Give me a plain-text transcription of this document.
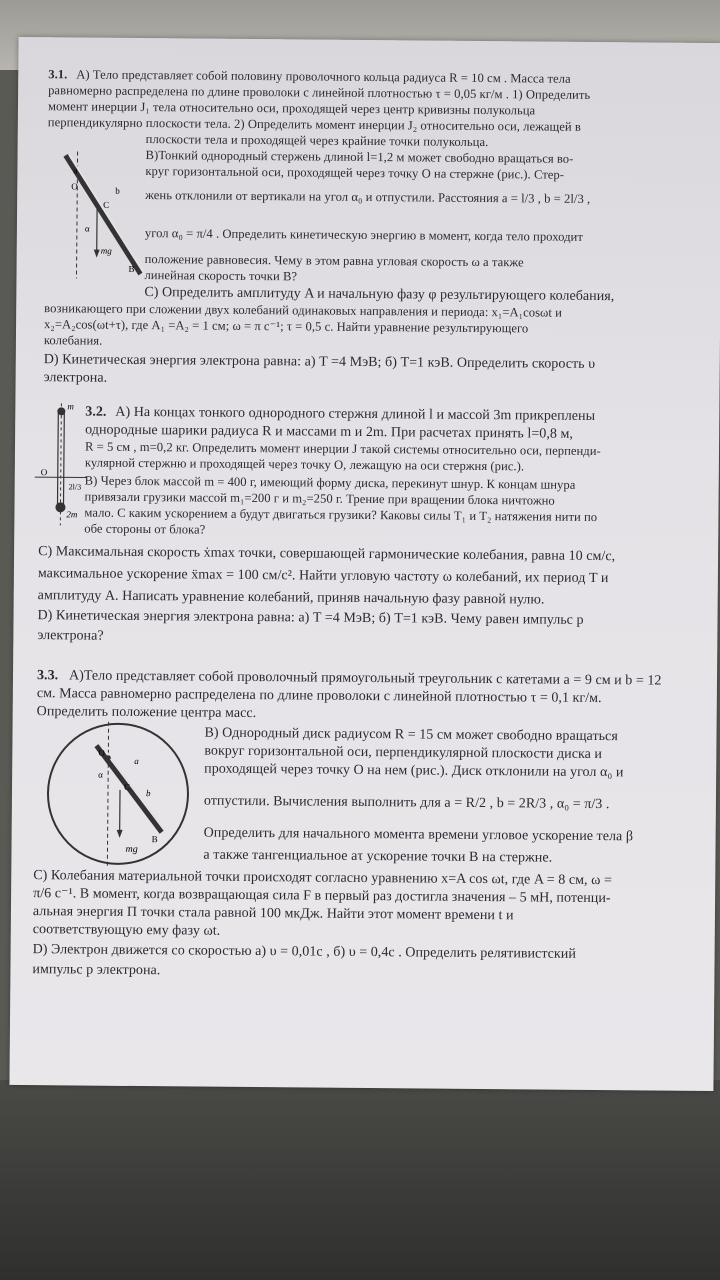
3.1. А) Тело представляет собой половину проволочного кольца радиуса R = 10 см . Масса тела
равномерно распределена по длине проволоки с линейной плотностью τ = 0,05 кг/м . 1) Определить
момент инерции J₁ тела относительно оси, проходящей через центр кривизны полукольца
перпендикулярно плоскости тела. 2) Определить момент инерции J₂ относительно оси, лежащей в
плоскости тела и проходящей через крайние точки полукольца.
B)Тонкий однородный стержень длиной l=1,2 м может свободно вращаться во-
круг горизонтальной оси, проходящей через точку O на стержне (рис.). Стер-
жень отклонили от вертикали на угол α₀ и отпустили. Расстояния a = l/3 , b = 2l/3 ,
угол α₀ = π/4 . Определить кинетическую энергию в момент, когда тело проходит
положение равновесия. Чему в этом равна угловая скорость ω а также
линейная скорость точки B?
С) Определить амплитуду A и начальную фазу φ результирующего колебания,
возникающего при сложении двух колебаний одинаковых направления и периода: x₁=A₁cosωt и
x₂=A₂cos(ωt+τ), где A₁ =A₂ = 1 см; ω = π с⁻¹; τ = 0,5 с. Найти уравнение результирующего
колебания.
D) Кинетическая энергия электрона равна: а) T =4 МэВ; б) T=1 кэВ. Определить скорость υ
электрона.
a
b
O
C
B
mg
α
3.2. А) На концах тонкого однородного стержня длиной l и массой 3m прикреплены
однородные шарики радиуса R и массами m и 2m. При расчетах принять l=0,8 м,
R = 5 см , m=0,2 кг. Определить момент инерции J такой системы относительно оси, перпенди-
кулярной стержню и проходящей через точку O, лежащую на оси стержня (рис.).
B) Через блок массой m = 400 г, имеющий форму диска, перекинут шнур. К концам шнура
привязали грузики массой m₁=200 г и m₂=250 г. Трение при вращении блока ничтожно
мало. С каким ускорением a будут двигаться грузики? Каковы силы T₁ и T₂ натяжения нити по
обе стороны от блока?
С) Максимальная скорость ẋmax точки, совершающей гармонические колебания, равна 10 см/с,
максимальное ускорение ẍmax = 100 см/с². Найти угловую частоту ω колебаний, их период T и
амплитуду A. Написать уравнение колебаний, приняв начальную фазу равной нулю.
D) Кинетическая энергия электрона равна: а) T =4 МэВ; б) T=1 кэВ. Чему равен импульс p
электрона?
m
O
2l/3
2m
3.3. А)Тело представляет собой проволочный прямоугольный треугольник с катетами a = 9 см и b = 12
см. Масса равномерно распределена по длине проволоки с линейной плотностью τ = 0,1 кг/м.
Определить положение центра масс.
B) Однородный диск радиусом R = 15 см может свободно вращаться
вокруг горизонтальной оси, перпендикулярной плоскости диска и
проходящей через точку O на нем (рис.). Диск отклонили на угол α₀ и
отпустили. Вычисления выполнить для a = R/2 , b = 2R/3 , α₀ = π/3 .
Определить для начального момента времени угловое ускорение тела β
а также тангенциальное aτ ускорение точки B на стержне.
С) Колебания материальной точки происходят согласно уравнению x=A cos ωt, где A = 8 см, ω =
π/6 с⁻¹. В момент, когда возвращающая сила F в первый раз достигла значения – 5 мН, потенци-
альная энергия П точки стала равной 100 мкДж. Найти этот момент времени t и
соответствующую ему фазу ωt.
D) Электрон движется со скоростью а) υ = 0,01c , б) υ = 0,4c . Определить релятивистский
импульс p электрона.
O
α
a
b
C
B
mg
